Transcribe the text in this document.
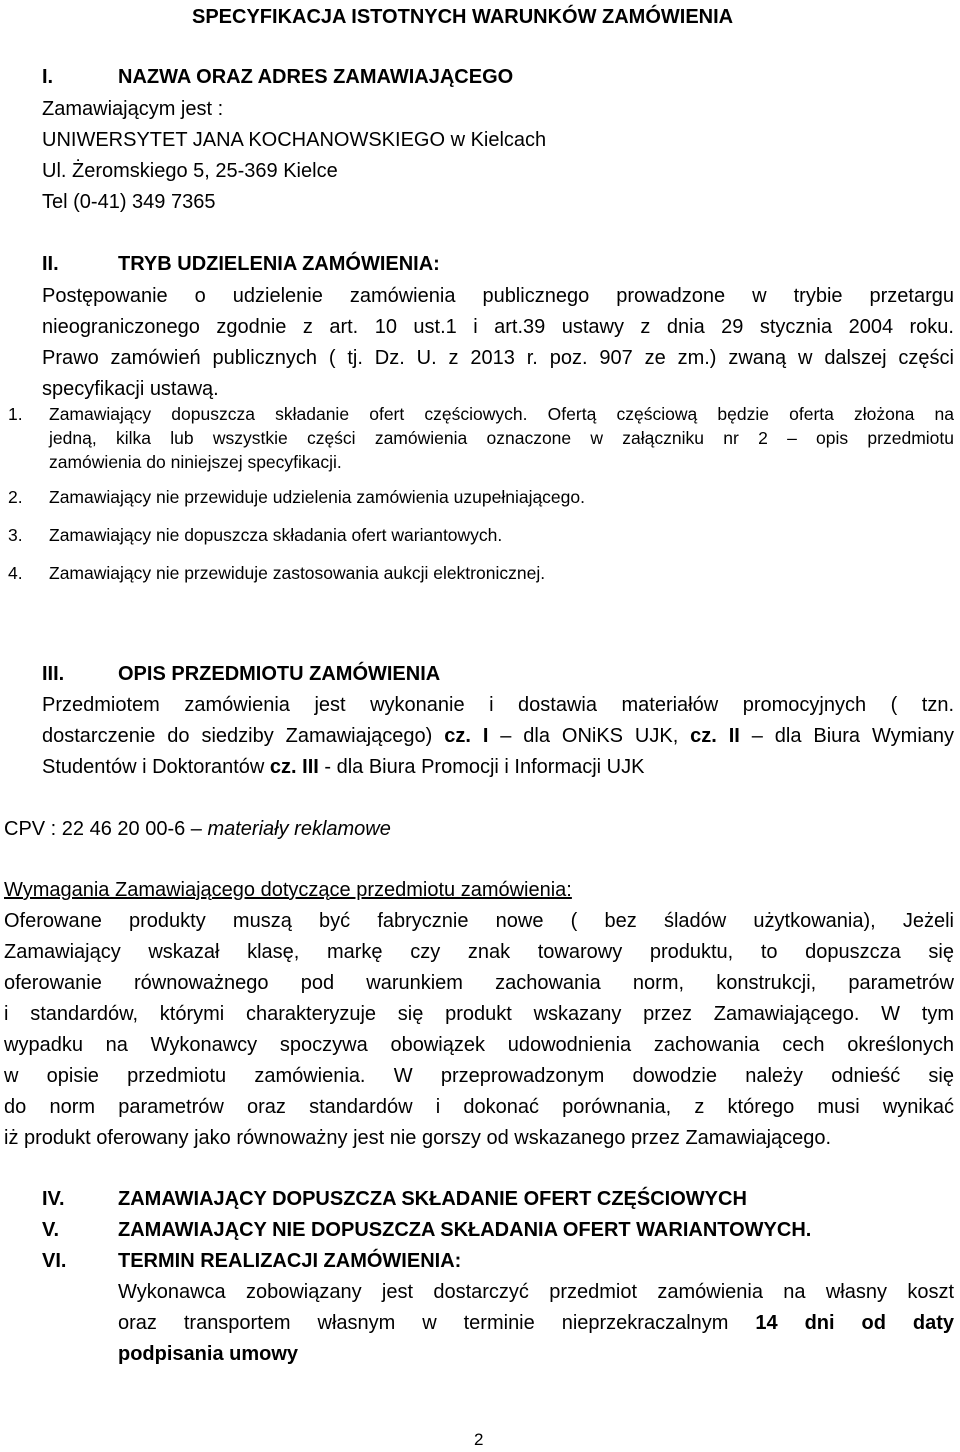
SPECYFIKACJA ISTOTNYCH WARUNKÓW ZAMÓWIENIA
I.	NAZWA ORAZ ADRES ZAMAWIAJĄCEGO
Zamawiającym jest :
UNIWERSYTET JANA KOCHANOWSKIEGO w Kielcach
Ul. Żeromskiego 5, 25-369 Kielce
Tel (0-41) 349 7365
II.	TRYB UDZIELENIA ZAMÓWIENIA:
Postępowanie o udzielenie zamówienia publicznego prowadzone w trybie przetargu
nieograniczonego zgodnie z art. 10 ust.1 i art.39 ustawy z dnia 29 stycznia 2004 roku.
Prawo zamówień publicznych ( tj. Dz. U. z 2013 r. poz. 907 ze zm.) zwaną w dalszej części
specyfikacji ustawą.
1. Zamawiający dopuszcza składanie ofert częściowych. Ofertą częściową będzie oferta złożona na
jedną, kilka lub wszystkie części zamówienia oznaczone w załączniku nr 2 ‒ opis przedmiotu
zamówienia do niniejszej specyfikacji.
2. Zamawiający nie przewiduje udzielenia zamówienia uzupełniającego.
3. Zamawiający nie dopuszcza składania ofert wariantowych.
4. Zamawiający nie przewiduje zastosowania aukcji elektronicznej.
III.	OPIS PRZEDMIOTU ZAMÓWIENIA
Przedmiotem zamówienia jest wykonanie i dostawia materiałów promocyjnych ( tzn.
dostarczenie do siedziby Zamawiającego) cz. I – dla ONiKS UJK, cz. II – dla Biura Wymiany
Studentów i Doktorantów cz. III - dla Biura Promocji i Informacji UJK
CPV : 22 46 20 00-6 – materiały reklamowe
Wymagania Zamawiającego dotyczące przedmiotu zamówienia:
Oferowane produkty muszą być fabrycznie nowe ( bez śladów użytkowania), Jeżeli
Zamawiający wskazał klasę, markę czy znak towarowy produktu, to dopuszcza się
oferowanie równoważnego pod warunkiem zachowania norm, konstrukcji, parametrów
i standardów, którymi charakteryzuje się produkt wskazany przez Zamawiającego. W tym
wypadku na Wykonawcy spoczywa obowiązek udowodnienia zachowania cech określonych
w opisie przedmiotu zamówienia. W przeprowadzonym dowodzie należy odnieść się
do norm parametrów oraz standardów i dokonać porównania, z którego musi wynikać
iż produkt oferowany jako równoważny jest nie gorszy od wskazanego przez Zamawiającego.
IV.	ZAMAWIAJĄCY DOPUSZCZA SKŁADANIE OFERT CZĘŚCIOWYCH
V.	ZAMAWIAJĄCY NIE DOPUSZCZA SKŁADANIA OFERT WARIANTOWYCH.
VI.	TERMIN REALIZACJI ZAMÓWIENIA:
Wykonawca zobowiązany jest dostarczyć przedmiot zamówienia na własny koszt
oraz transportem własnym w terminie nieprzekraczalnym 14 dni od daty
podpisania umowy
2
